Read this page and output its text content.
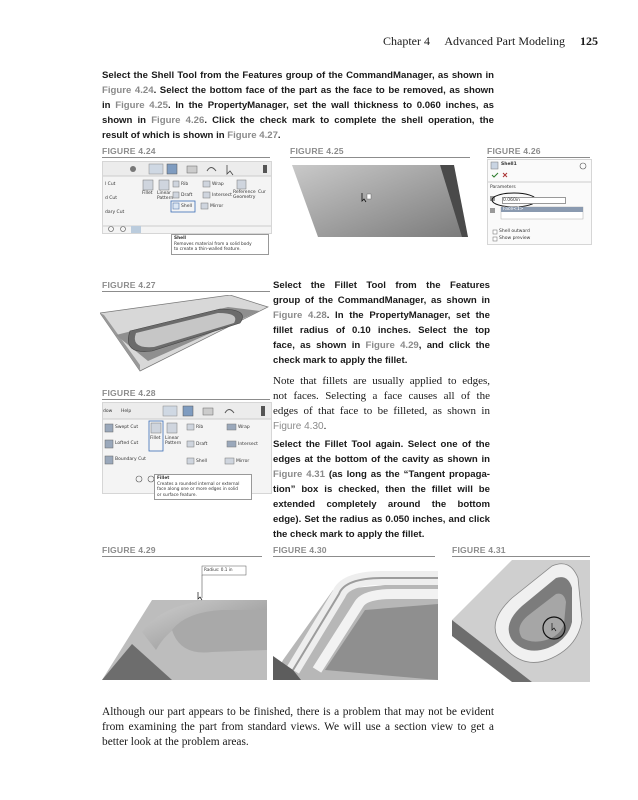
Chapter 4 Advanced Part Modeling 125
Select the Shell Tool from the Features group of the CommandManager, as shown in
Figure 4.24. Select the bottom face of the part as the face to be removed, as shown
in Figure 4.25. In the PropertyManager, set the wall thickness to 0.060 inches, as
shown in Figure 4.26. Click the check mark to complete the shell operation, the
result of which is shown in Figure 4.27.
FIGURE 4.24	FIGURE 4.25	FIGURE 4.26
l Cut
d Cut
dary Cut
Fillet Linear Pattern
Rib
Draft
Shell
Wrap
Intersect
Mirror
Reference Geometry
Cur
Shell
Removes material from a solid body
to create a thin-walled feature.
Shell1
Parameters
0.060in
Face<1>
Shell outward
Show preview
FIGURE 4.27
FIGURE 4.28
dow Help
Swept Cut
Lofted Cut
Boundary Cut
Fillet Linear Pattern
Rib
Draft
Shell
Wrap
Intersect
Mirror
Fillet
Creates a rounded internal or external
face along one or more edges in solid
or surface feature.
Select the Fillet Tool from the Features
group of the CommandManager, as shown in
Figure 4.28. In the PropertyManager, set the
fillet radius of 0.10 inches. Select the top
face, as shown in Figure 4.29, and click the
check mark to apply the fillet.
Note that fillets are usually applied to edges,
not faces. Selecting a face causes all of the
edges of that face to be filleted, as shown in
Figure 4.30.
Select the Fillet Tool again. Select one of the
edges at the bottom of the cavity as shown in
Figure 4.31 (as long as the “Tangent propaga-
tion” box is checked, then the fillet will be
extended completely around the bottom
edge). Set the radius as 0.050 inches, and click
the check mark to apply the fillet.
FIGURE 4.29	FIGURE 4.30	FIGURE 4.31
Radius: 0.1 in
Although our part appears to be finished, there is a problem that may not be evident
from examining the part from standard views. We will use a section view to get a
better look at the problem areas.
